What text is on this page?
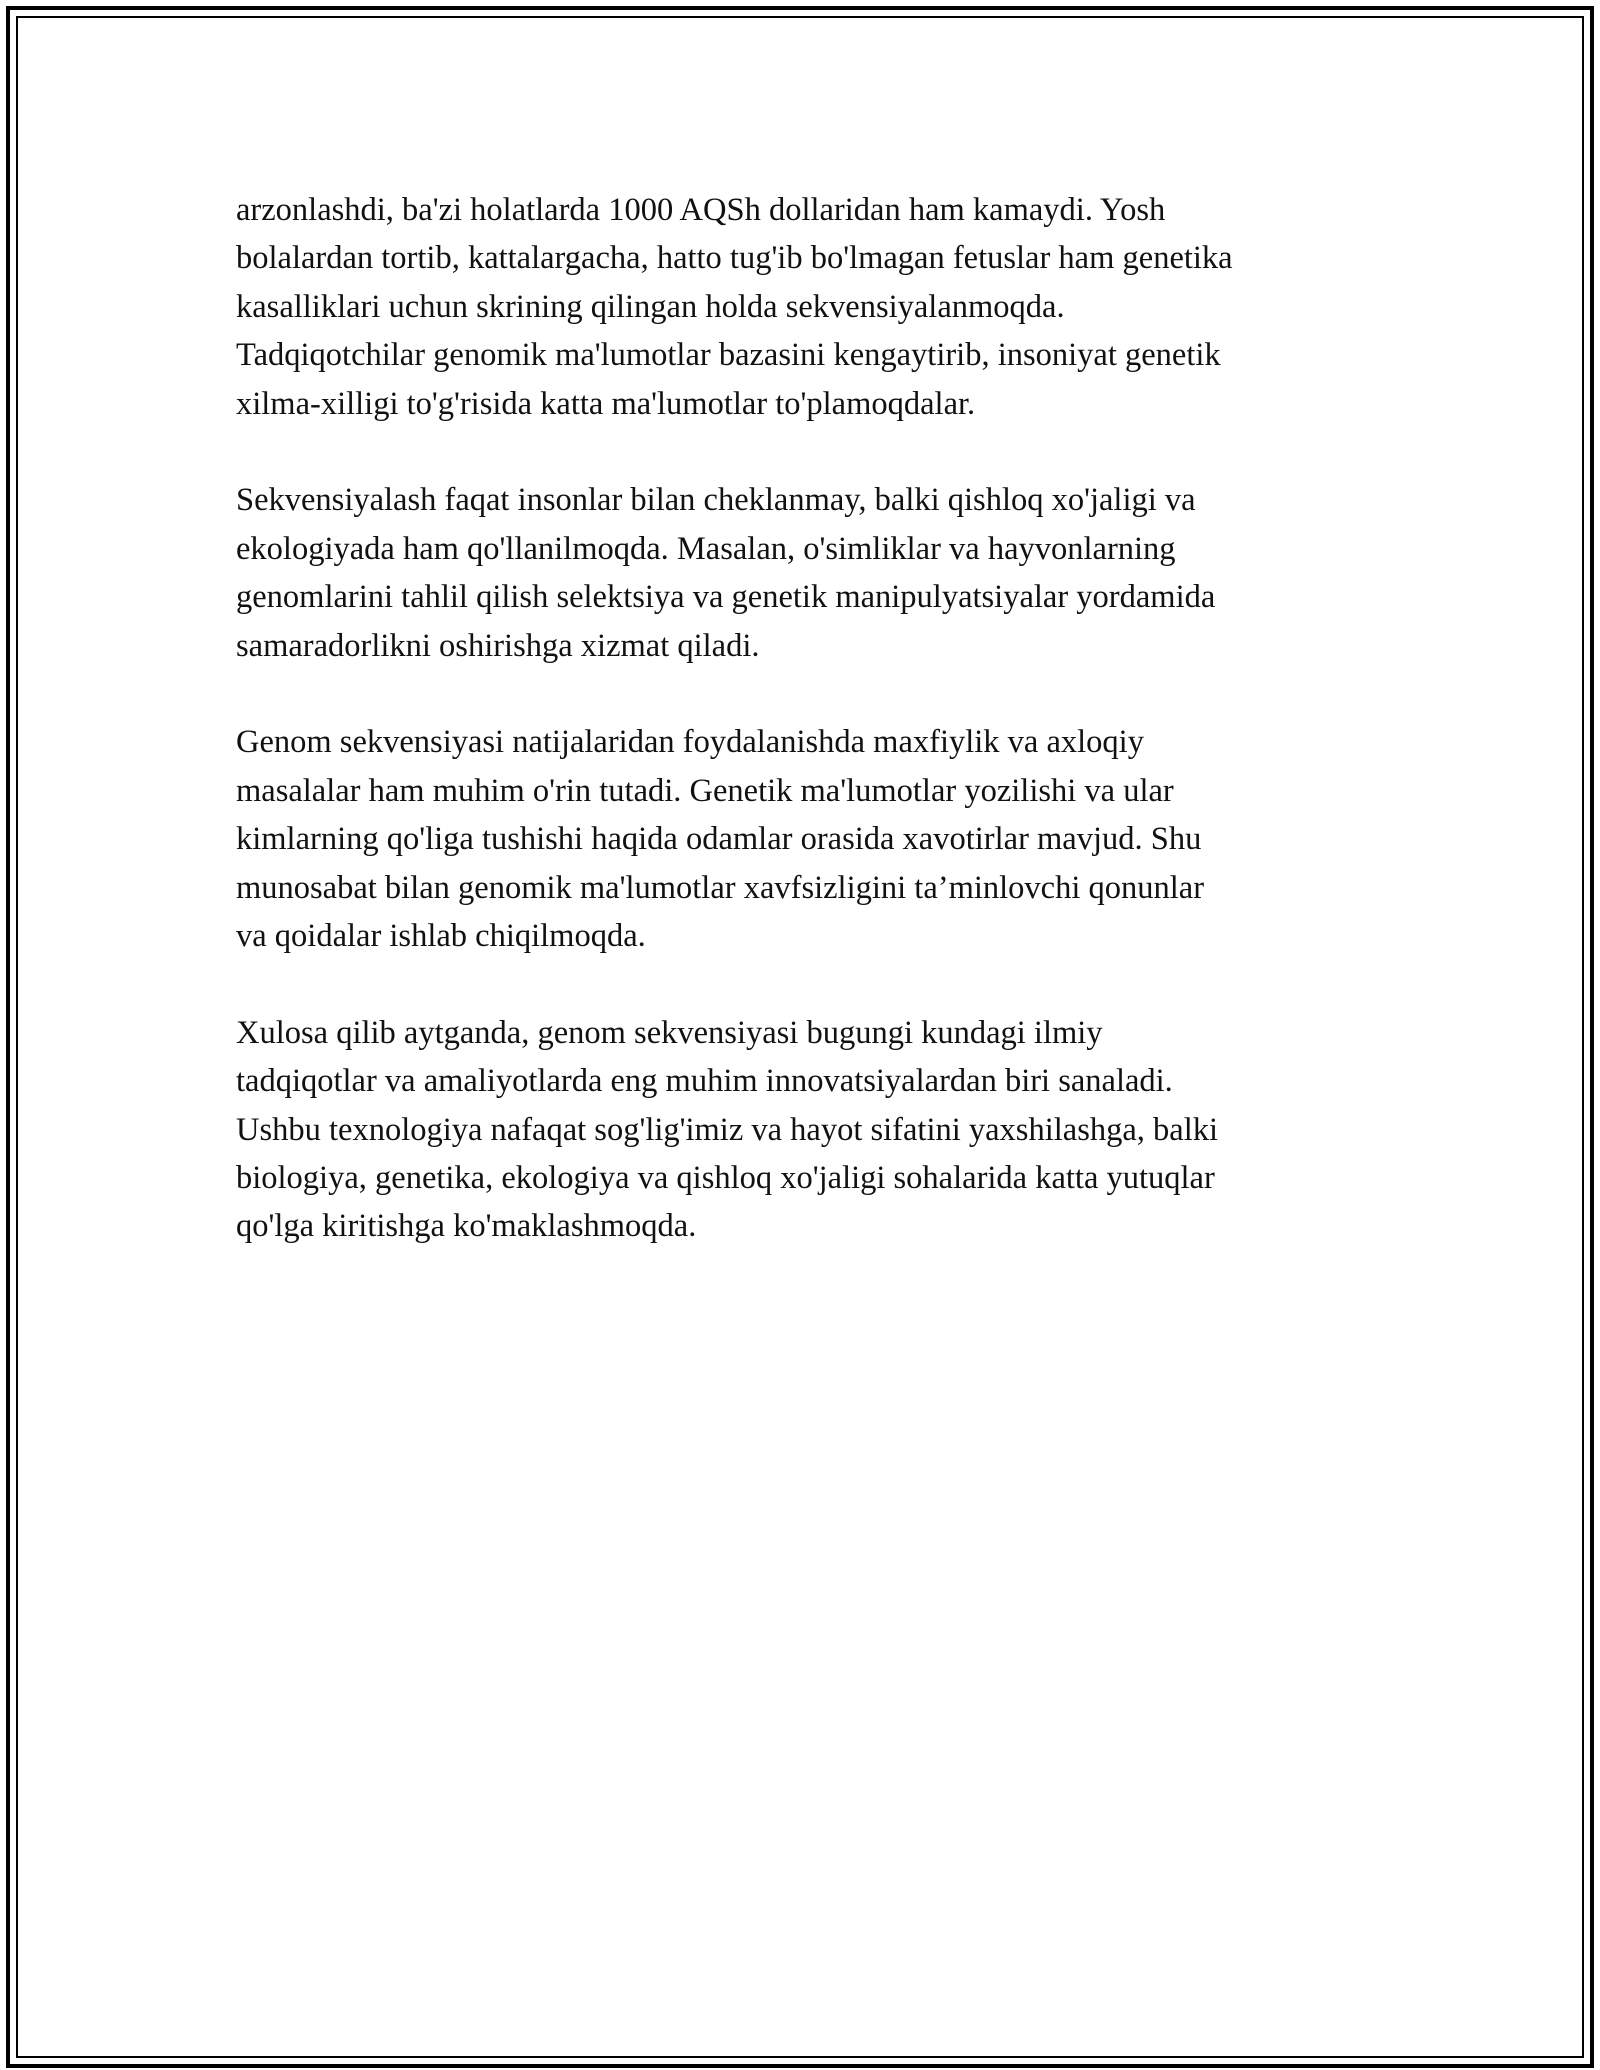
arzonlashdi, ba'zi holatlarda 1000 AQSh dollaridan ham kamaydi. Yosh
bolalardan tortib, kattalargacha, hatto tug'ib bo'lmagan fetuslar ham genetika
kasalliklari uchun skrining qilingan holda sekvensiyalanmoqda.
Tadqiqotchilar genomik ma'lumotlar bazasini kengaytirib, insoniyat genetik
xilma-xilligi to'g'risida katta ma'lumotlar to'plamoqdalar.

Sekvensiyalash faqat insonlar bilan cheklanmay, balki qishloq xo'jaligi va
ekologiyada ham qo'llanilmoqda. Masalan, o'simliklar va hayvonlarning
genomlarini tahlil qilish selektsiya va genetik manipulyatsiyalar yordamida
samaradorlikni oshirishga xizmat qiladi.

Genom sekvensiyasi natijalaridan foydalanishda maxfiylik va axloqiy
masalalar ham muhim o'rin tutadi. Genetik ma'lumotlar yozilishi va ular
kimlarning qo'liga tushishi haqida odamlar orasida xavotirlar mavjud. Shu
munosabat bilan genomik ma'lumotlar xavfsizligini ta’minlovchi qonunlar
va qoidalar ishlab chiqilmoqda.

Xulosa qilib aytganda, genom sekvensiyasi bugungi kundagi ilmiy
tadqiqotlar va amaliyotlarda eng muhim innovatsiyalardan biri sanaladi.
Ushbu texnologiya nafaqat sog'lig'imiz va hayot sifatini yaxshilashga, balki
biologiya, genetika, ekologiya va qishloq xo'jaligi sohalarida katta yutuqlar
qo'lga kiritishga ko'maklashmoqda.
